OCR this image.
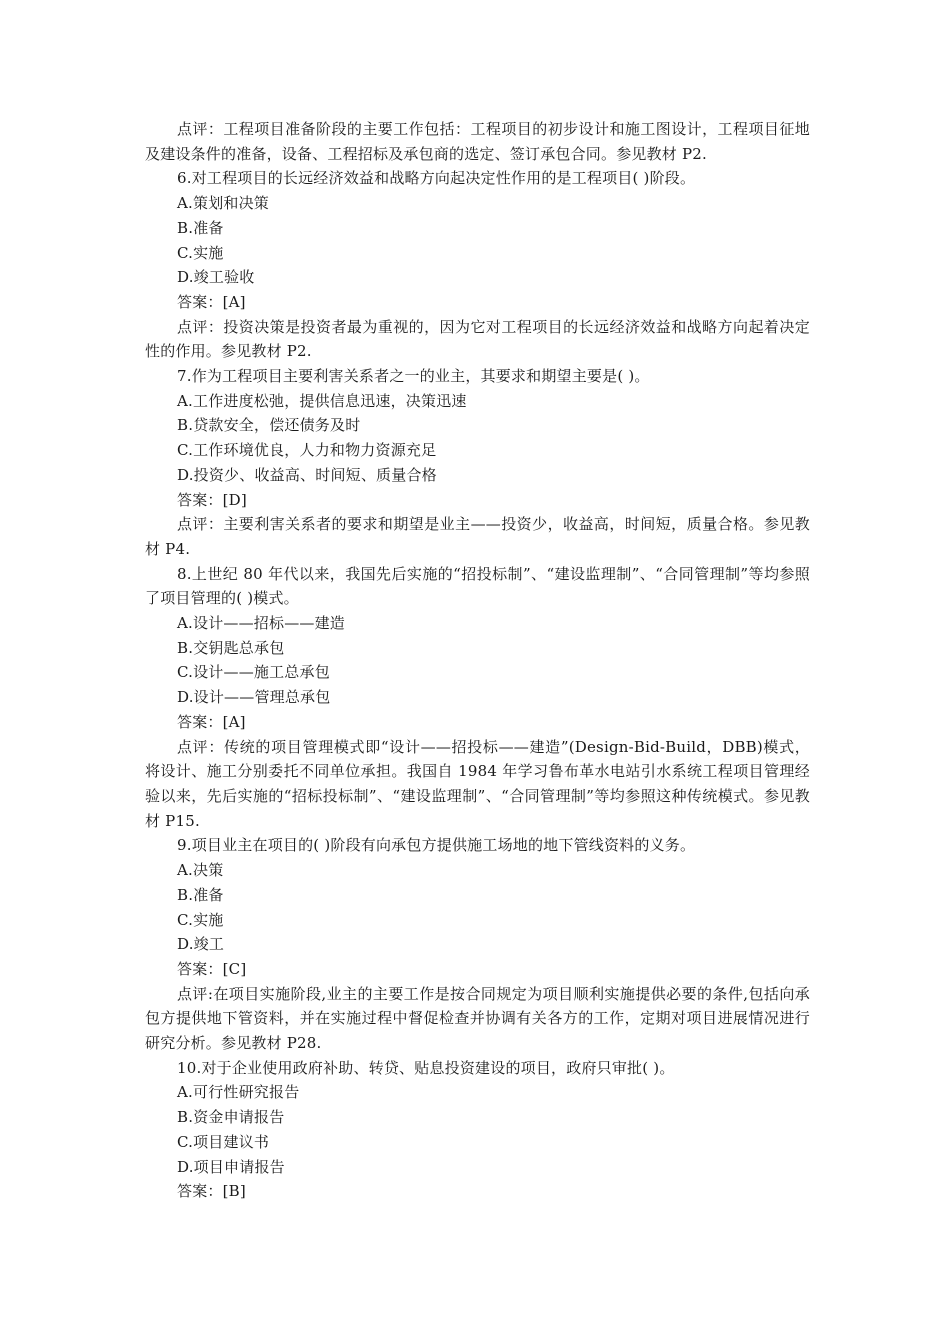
点评：工程项目准备阶段的主要工作包括：工程项目的初步设计和施工图设计，工程项目征地及建设条件的准备，设备、工程招标及承包商的选定、签订承包合同。参见教材 P2.

6.对工程项目的长远经济效益和战略方向起决定性作用的是工程项目( )阶段。

A.策划和决策

B.准备

C.实施

D.竣工验收

答案：[A]

点评：投资决策是投资者最为重视的，因为它对工程项目的长远经济效益和战略方向起着决定性的作用。参见教材 P2.

7.作为工程项目主要利害关系者之一的业主，其要求和期望主要是( )。

A.工作进度松弛，提供信息迅速，决策迅速

B.贷款安全，偿还债务及时

C.工作环境优良，人力和物力资源充足

D.投资少、收益高、时间短、质量合格

答案：[D]

点评：主要利害关系者的要求和期望是业主——投资少，收益高，时间短，质量合格。参见教材 P4.

8.上世纪 80 年代以来，我国先后实施的“招投标制”、“建设监理制”、“合同管理制”等均参照了项目管理的( )模式。

A.设计——招标——建造

B.交钥匙总承包

C.设计——施工总承包

D.设计——管理总承包

答案：[A]

点评：传统的项目管理模式即“设计——招投标——建造”(Design-Bid-Build，DBB)模式，将设计、施工分别委托不同单位承担。我国自 1984 年学习鲁布革水电站引水系统工程项目管理经验以来，先后实施的“招标投标制”、“建设监理制”、“合同管理制”等均参照这种传统模式。参见教材 P15.

9.项目业主在项目的( )阶段有向承包方提供施工场地的地下管线资料的义务。

A.决策

B.准备

C.实施

D.竣工

答案：[C]

点评:在项目实施阶段,业主的主要工作是按合同规定为项目顺利实施提供必要的条件,包括向承包方提供地下管资料，并在实施过程中督促检查并协调有关各方的工作，定期对项目进展情况进行研究分析。参见教材 P28.

10.对于企业使用政府补助、转贷、贴息投资建设的项目，政府只审批( )。

A.可行性研究报告

B.资金申请报告

C.项目建议书

D.项目申请报告

答案：[B]
